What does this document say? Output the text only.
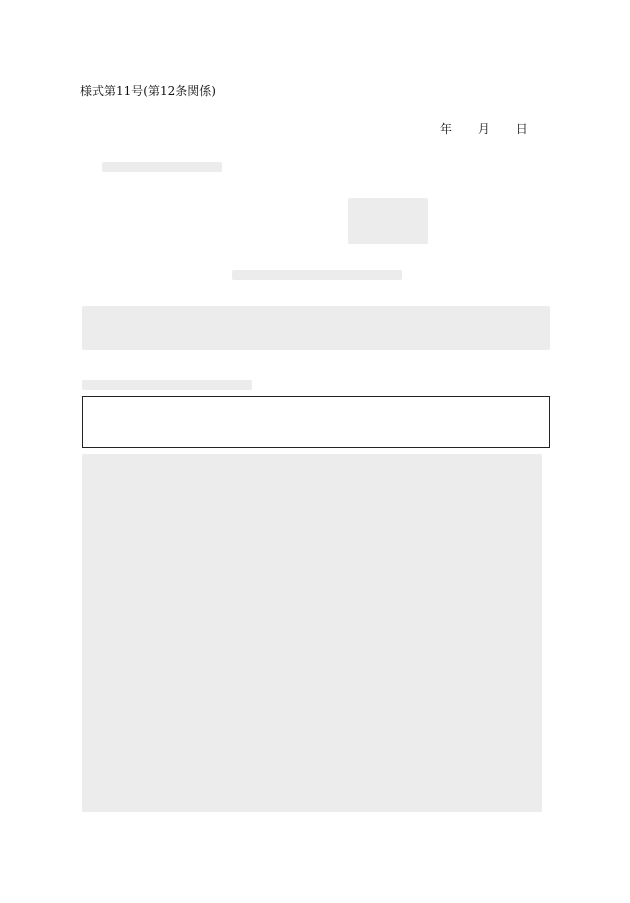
様式第11号(第12条関係)
年 月 日
